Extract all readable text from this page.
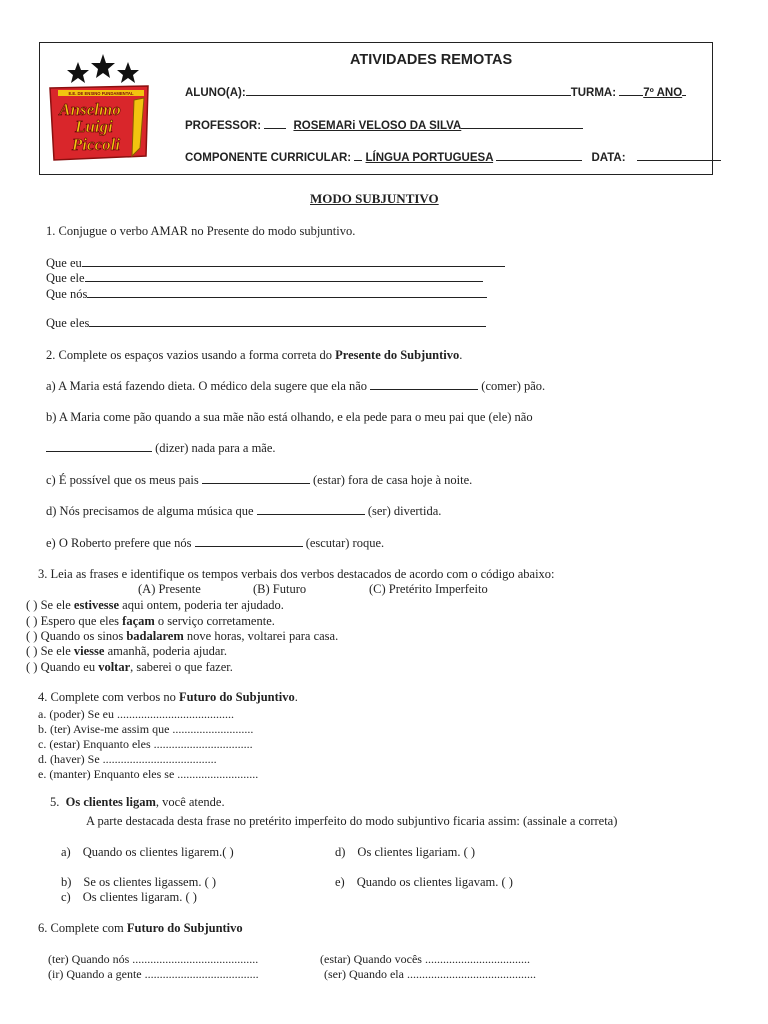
E.E. DE ENSINO FUNDAMENTAL
Anselmo
Luigi
Piccoli
ATIVIDADES REMOTAS
ALUNO(A):	TURMA: 7º ANO
PROFESSOR:	ROSEMARi VELOSO DA SILVA
COMPONENTE CURRICULAR: LÍNGUA PORTUGUESA	DATA:
MODO SUBJUNTIVO
1. Conjugue o verbo AMAR no Presente do modo subjuntivo.
Que eu
Que ele
Que nós
Que eles
2. Complete os espaços vazios usando a forma correta do Presente do Subjuntivo.
a) A Maria está fazendo dieta. O médico dela sugere que ela não	(comer) pão.
b) A Maria come pão quando a sua mãe não está olhando, e ela pede para o meu pai que (ele) não
(dizer) nada para a mãe.
c) É possível que os meus pais	(estar) fora de casa hoje à noite.
d) Nós precisamos de alguma música que	(ser) divertida.
e) O Roberto prefere que nós	(escutar) roque.
3. Leia as frases e identifique os tempos verbais dos verbos destacados de acordo com o código abaixo:
(A) Presente	(B) Futuro	(C) Pretérito Imperfeito
( ) Se ele estivesse aqui ontem, poderia ter ajudado.
( ) Espero que eles façam o serviço corretamente.
( ) Quando os sinos badalarem nove horas, voltarei para casa.
( ) Se ele viesse amanhã, poderia ajudar.
( ) Quando eu voltar, saberei o que fazer.
4. Complete com verbos no Futuro do Subjuntivo.
a. (poder) Se eu .......................................
b. (ter) Avise-me assim que ...........................
c. (estar) Enquanto eles .................................
d. (haver) Se ......................................
e. (manter) Enquanto eles se ...........................
5. Os clientes ligam, você atende.
A parte destacada desta frase no pretérito imperfeito do modo subjuntivo ficaria assim: (assinale a correta)
a) Quando os clientes ligarem.( )	d) Os clientes ligariam. ( )
b) Se os clientes ligassem. ( )	e) Quando os clientes ligavam. ( )
c) Os clientes ligaram. ( )
6. Complete com Futuro do Subjuntivo
(ter) Quando nós ..........................................	(estar) Quando vocês ...................................
(ir) Quando a gente ......................................	(ser) Quando ela ...........................................
